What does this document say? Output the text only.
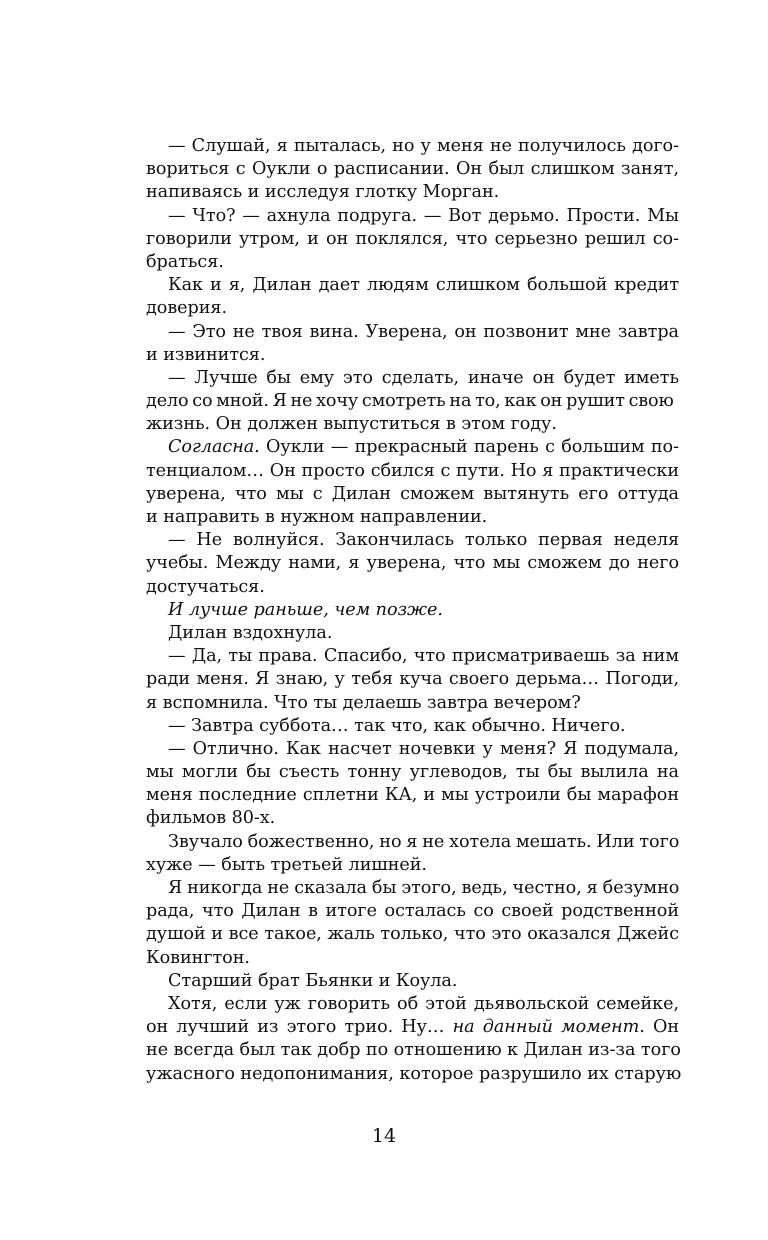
— Слушай, я пыталась, но у меня не получилось дого-
вориться с Оукли о расписании. Он был слишком занят,
напиваясь и исследуя глотку Морган.
— Что? — ахнула подруга. — Вот дерьмо. Прости. Мы
говорили утром, и он поклялся, что серьезно решил со-
браться.
Как и я, Дилан дает людям слишком большой кредит
доверия.
— Это не твоя вина. Уверена, он позвонит мне завтра
и извинится.
— Лучше бы ему это сделать, иначе он будет иметь
дело со мной. Я не хочу смотреть на то, как он рушит свою
жизнь. Он должен выпуститься в этом году.
Согласна. Оукли — прекрасный парень с большим по-
тенциалом… Он просто сбился с пути. Но я практически
уверена, что мы с Дилан сможем вытянуть его оттуда
и направить в нужном направлении.
— Не волнуйся. Закончилась только первая неделя
учебы. Между нами, я уверена, что мы сможем до него
достучаться.
И лучше раньше, чем позже.
Дилан вздохнула.
— Да, ты права. Спасибо, что присматриваешь за ним
ради меня. Я знаю, у тебя куча своего дерьма… Погоди,
я вспомнила. Что ты делаешь завтра вечером?
— Завтра суббота… так что, как обычно. Ничего.
— Отлично. Как насчет ночевки у меня? Я подумала,
мы могли бы съесть тонну углеводов, ты бы вылила на
меня последние сплетни КА, и мы устроили бы марафон
фильмов 80-х.
Звучало божественно, но я не хотела мешать. Или того
хуже — быть третьей лишней.
Я никогда не сказала бы этого, ведь, честно, я безумно
рада, что Дилан в итоге осталась со своей родственной
душой и все такое, жаль только, что это оказался Джейс
Ковингтон.
Старший брат Бьянки и Коула.
Хотя, если уж говорить об этой дьявольской семейке,
он лучший из этого трио. Ну… на данный момент. Он
не всегда был так добр по отношению к Дилан из-за того
ужасного недопонимания, которое разрушило их старую
14
